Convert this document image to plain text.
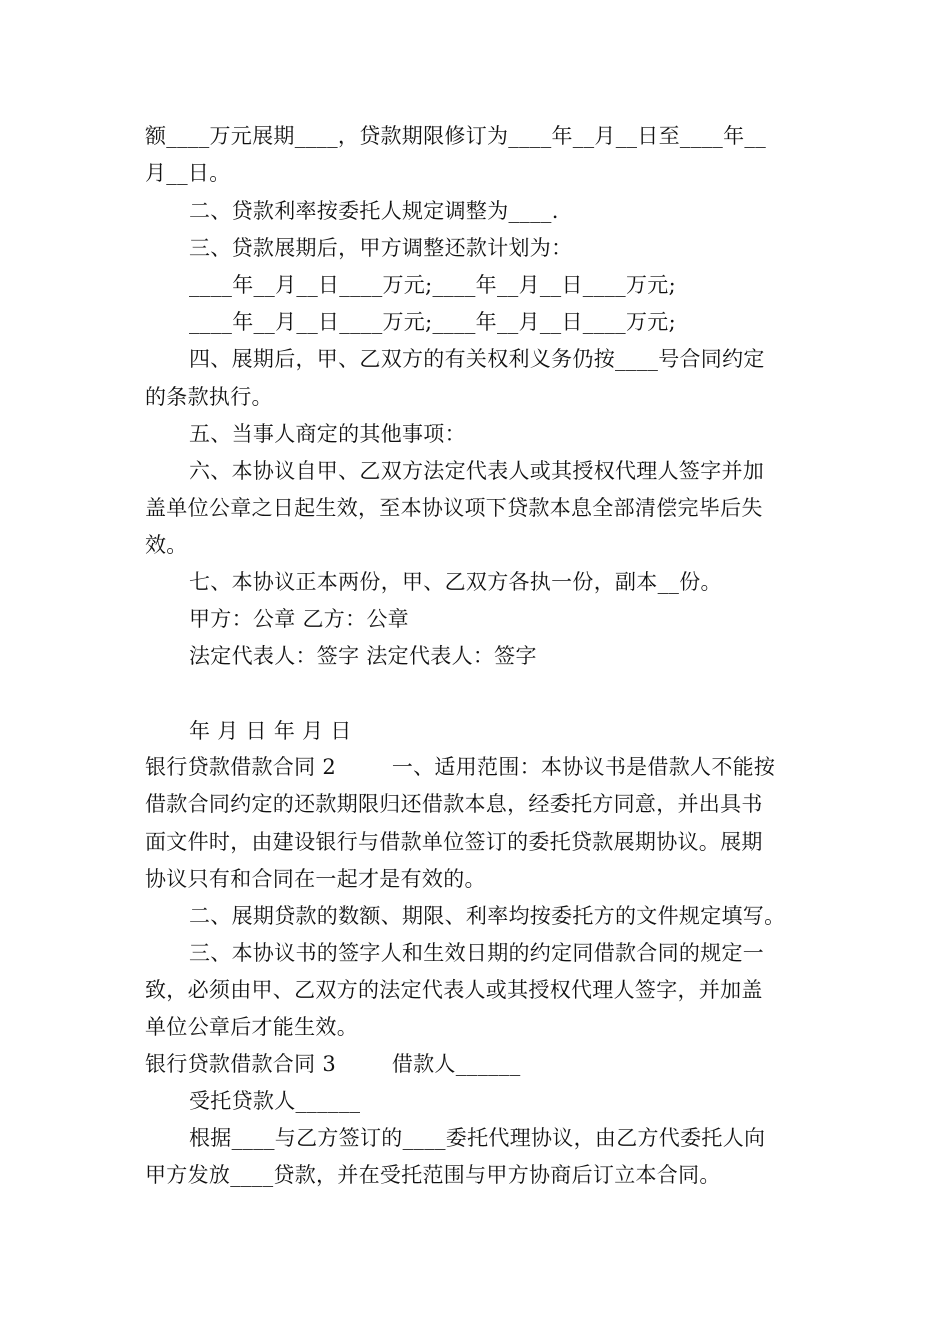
额____万元展期____，贷款期限修订为____年__月__日至____年__
月__日。
二、贷款利率按委托人规定调整为____.
三、贷款展期后，甲方调整还款计划为：
____年__月__日____万元;____年__月__日____万元;
____年__月__日____万元;____年__月__日____万元;
四、展期后，甲、乙双方的有关权利义务仍按____号合同约定
的条款执行。
五、当事人商定的其他事项：
六、本协议自甲、乙双方法定代表人或其授权代理人签字并加
盖单位公章之日起生效，至本协议项下贷款本息全部清偿完毕后失
效。
七、本协议正本两份，甲、乙双方各执一份，副本__份。
甲方：公章 乙方：公章
法定代表人：签字 法定代表人：签字
年 月 日 年 月 日
银行贷款借款合同 2        一、适用范围：本协议书是借款人不能按
借款合同约定的还款期限归还借款本息，经委托方同意，并出具书
面文件时，由建设银行与借款单位签订的委托贷款展期协议。展期
协议只有和合同在一起才是有效的。
二、展期贷款的数额、期限、利率均按委托方的文件规定填写。
三、本协议书的签字人和生效日期的约定同借款合同的规定一
致，必须由甲、乙双方的法定代表人或其授权代理人签字，并加盖
单位公章后才能生效。
银行贷款借款合同 3        借款人______
受托贷款人______
根据____与乙方签订的____委托代理协议，由乙方代委托人向
甲方发放____贷款，并在受托范围与甲方协商后订立本合同。
